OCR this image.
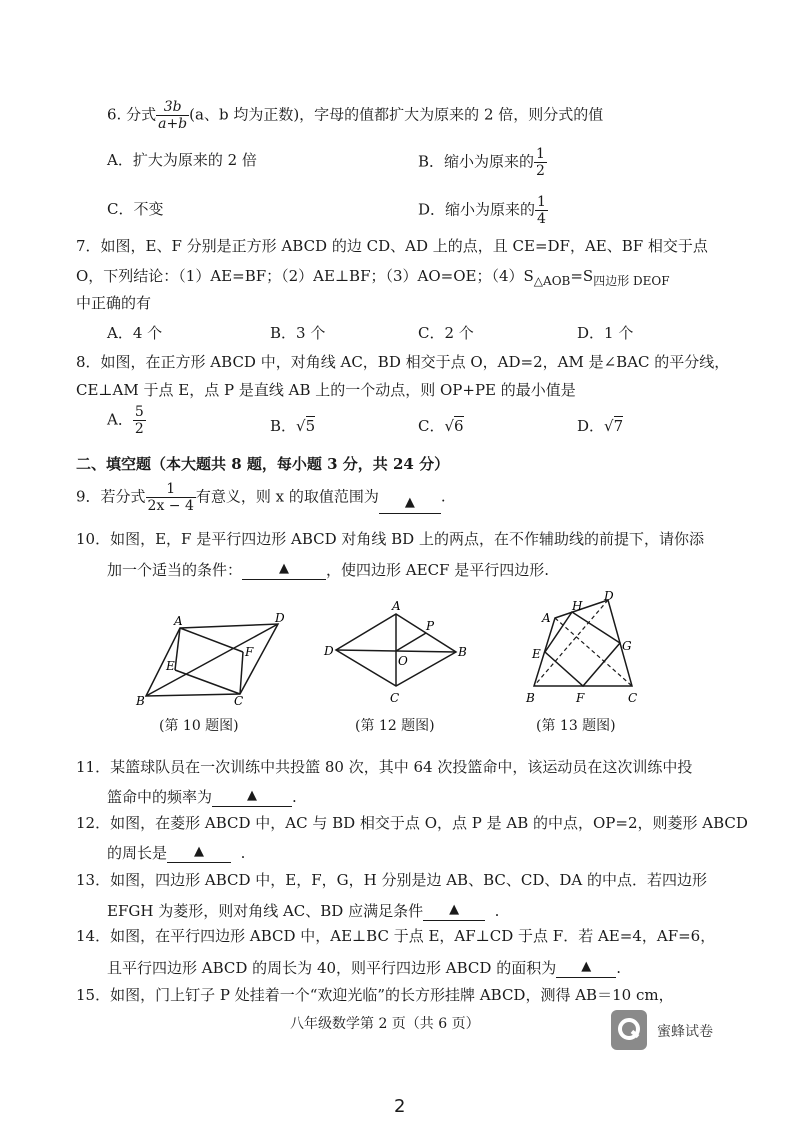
6. 分式 $\frac{3b}{a+b} (a$、b 均为正数)，字母的值都扩大为原来的 2 倍，则分式的值
A．扩大为原来的 2 倍	B．缩小为原来的 $\frac{1}{2}$
C．不变	D．缩小为原来的 $\frac{1}{4}$
7．如图，E、F 分别是正方形 ABCD 的边 CD、AD 上的点，且 CE=DF，AE、BF 相交于点
O，下列结论：（1）AE=BF；（2）AE⊥BF；（3）AO=OE；$(4)S_{\triangle AOB}=S_{四边形 DEOF}$
中正确的有
A．4 个	B．3 个	C．2 个	D．1 个
8．如图，在正方形 ABCD 中，对角线 AC，BD 相交于点 O，AD=2，AM 是∠BAC 的平分线，
CE⊥AM 于点 E，点 P 是直线 AB 上的一个动点，则 OP+PE 的最小值是
A． $\frac{5}{2}$	B．√5	C．√6	D．√7
二、填空题（本大题共 8 题，每小题 3 分，共 24 分）
9．若分式 $\frac{1}{2x - 4}$ 有意义，则 x 的取值范围为 ▲ .
10．如图，E，F 是平行四边形 ABCD 对角线 BD 上的两点，在不作辅助线的前提下，请你添
加一个适当的条件：	▲ ，使四边形 AECF 是平行四边形.
A
B	C
D
E
F
(第 10 题图)
A
B
C
D
O
P
(第 12 题图)
A
B	C
D
E
F
G
H
(第 13 题图)
11．某篮球队员在一次训练中共投篮 80 次，其中 64 次投篮命中，该运动员在这次训练中投
篮命中的频率为	▲ .
12．如图，在菱形 ABCD 中，AC 与 BD 相交于点 O，点 P 是 AB 的中点，OP=2，则菱形 ABCD
的周长是 ▲ .
13．如图，四边形 ABCD 中，E，F，G，H 分别是边 AB、BC、CD、DA 的中点．若四边形
EFGH 为菱形，则对角线 AC、BD 应满足条件 ▲ .
14．如图，在平行四边形 ABCD 中，AE⊥BC 于点 E，AF⊥CD 于点 F．若 AE=4，AF=6，
且平行四边形 ABCD 的周长为 40，则平行四边形 ABCD 的面积为 ▲ .
15．如图，门上钉子 P 处挂着一个“欢迎光临”的长方形挂牌 ABCD，测得 AB＝10 cm，
八年级数学第 2 页（共 6 页）	蜜蜂试卷
2
